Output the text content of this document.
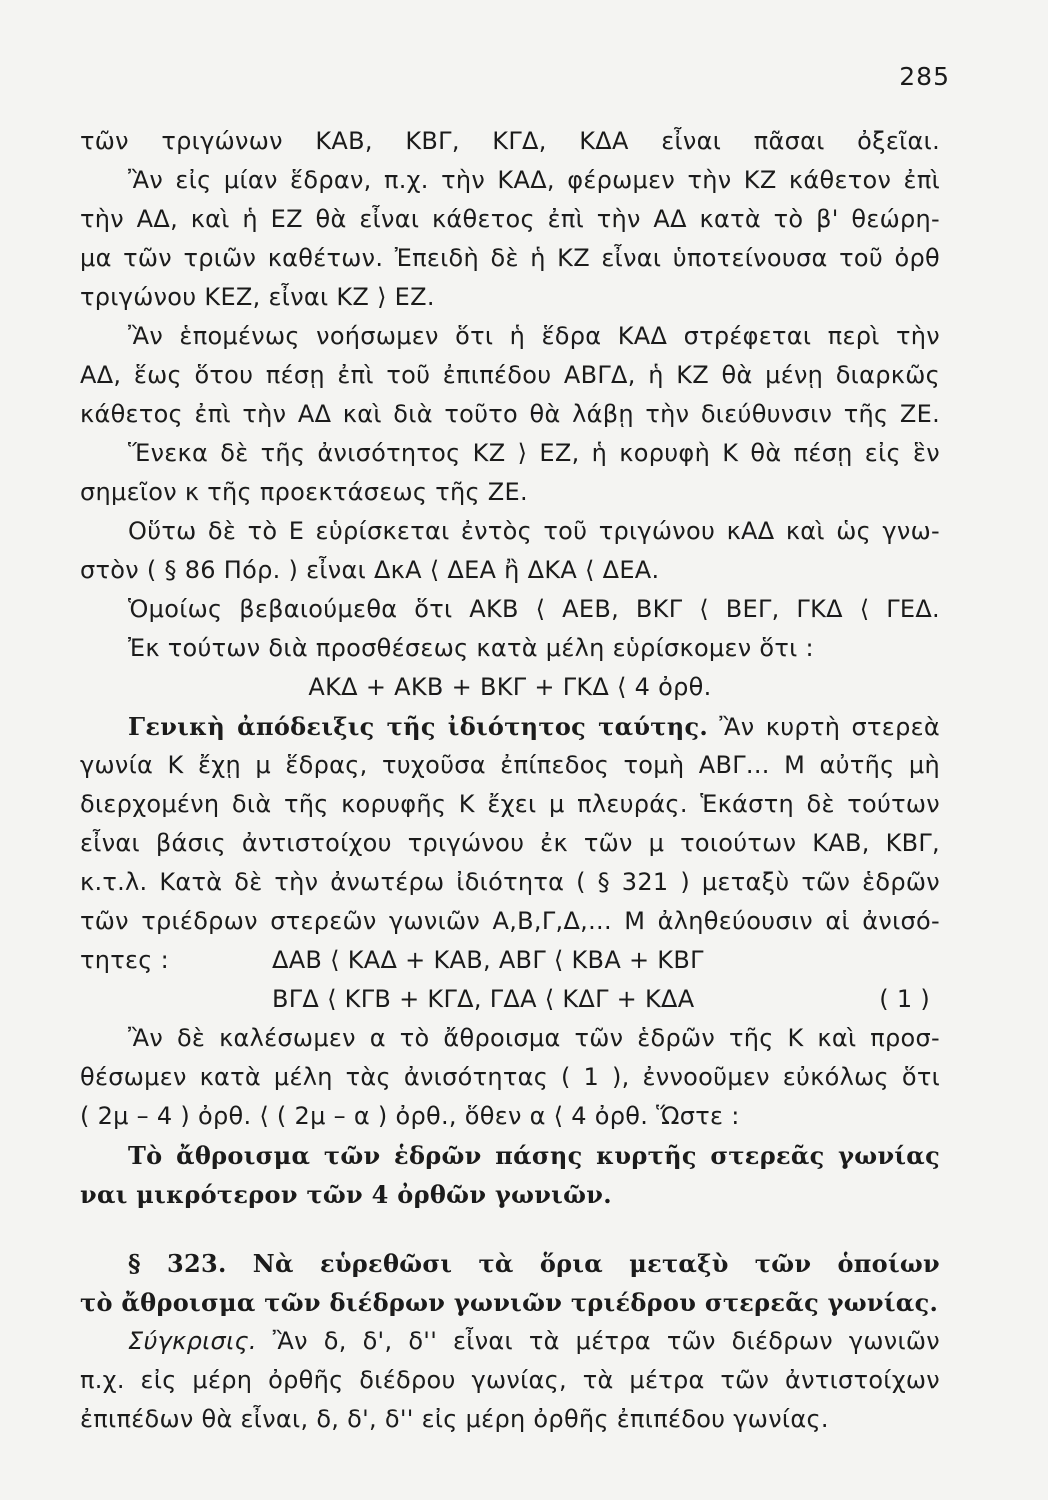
285
τῶν τριγώνων ΚΑΒ, ΚΒΓ, ΚΓΔ, ΚΔΑ εἶναι πᾶσαι ὀξεῖαι.
Ἂν εἰς μίαν ἕδραν, π.χ. τὴν ΚΑΔ, φέρωμεν τὴν ΚΖ κάθετον ἐπὶ
τὴν ΑΔ, καὶ ἡ ΕΖ θὰ εἶναι κάθετος ἐπὶ τὴν ΑΔ κατὰ τὸ β' θεώρη-
μα τῶν τριῶν καθέτων. Ἐπειδὴ δὲ ἡ ΚΖ εἶναι ὑποτείνουσα τοῦ ὀρθ
τριγώνου ΚΕΖ, εἶναι ΚΖ ⟩ ΕΖ.
Ἂν ἑπομένως νοήσωμεν ὅτι ἡ ἕδρα ΚΑΔ στρέφεται περὶ τὴν
ΑΔ, ἕως ὅτου πέσῃ ἐπὶ τοῦ ἐπιπέδου ΑΒΓΔ, ἡ ΚΖ θὰ μένῃ διαρκῶς
κάθετος ἐπὶ τὴν ΑΔ καὶ διὰ τοῦτο θὰ λάβῃ τὴν διεύθυνσιν τῆς ΖΕ.
Ἕνεκα δὲ τῆς ἀνισότητος ΚΖ ⟩ ΕΖ, ἡ κορυφὴ Κ θὰ πέσῃ εἰς ἓν
σημεῖον κ τῆς προεκτάσεως τῆς ΖΕ.
Οὕτω δὲ τὸ Ε εὑρίσκεται ἐντὸς τοῦ τριγώνου κΑΔ καὶ ὡς γνω-
στὸν ( § 86 Πόρ. ) εἶναι ΔκΑ ⟨ ΔΕΑ ἢ ΔΚΑ ⟨ ΔΕΑ.
Ὁμοίως βεβαιούμεθα ὅτι ΑΚΒ ⟨ ΑΕΒ, ΒΚΓ ⟨ ΒΕΓ, ΓΚΔ ⟨ ΓΕΔ.
Ἐκ τούτων διὰ προσθέσεως κατὰ μέλη εὑρίσκομεν ὅτι :
ΑΚΔ + ΑΚΒ + ΒΚΓ + ΓΚΔ ⟨ 4 ὀρθ.
Γενικὴ ἀπόδειξις τῆς ἰδιότητος ταύτης. Ἂν κυρτὴ στερεὰ
γωνία Κ ἔχῃ μ ἕδρας, τυχοῦσα ἐπίπεδος τομὴ ΑΒΓ... Μ αὐτῆς μὴ
διερχομένη διὰ τῆς κορυφῆς Κ ἔχει μ πλευράς. Ἑκάστη δὲ τούτων
εἶναι βάσις ἀντιστοίχου τριγώνου ἐκ τῶν μ τοιούτων ΚΑΒ, ΚΒΓ,
κ.τ.λ. Κατὰ δὲ τὴν ἀνωτέρω ἰδιότητα ( § 321 ) μεταξὺ τῶν ἑδρῶν
τῶν τριέδρων στερεῶν γωνιῶν Α,Β,Γ,Δ,... Μ ἀληθεύουσιν αἱ ἀνισό-
τητες :	ΔΑΒ ⟨ ΚΑΔ + ΚΑΒ, ΑΒΓ ⟨ ΚΒΑ + ΚΒΓ
ΒΓΔ ⟨ ΚΓΒ + ΚΓΔ, ΓΔΑ ⟨ ΚΔΓ + ΚΔΑ	( 1 )
Ἂν δὲ καλέσωμεν α τὸ ἄθροισμα τῶν ἑδρῶν τῆς Κ καὶ προσ-
θέσωμεν κατὰ μέλη τὰς ἀνισότητας ( 1 ), ἐννοοῦμεν εὐκόλως ὅτι
( 2μ – 4 ) ὀρθ. ⟨ ( 2μ – α ) ὀρθ., ὅθεν α ⟨ 4 ὀρθ. Ὥστε :
Τὸ ἄθροισμα τῶν ἑδρῶν πάσης κυρτῆς στερεᾶς γωνίας
ναι μικρότερον τῶν 4 ὀρθῶν γωνιῶν.
§ 323. Νὰ εὑρεθῶσι τὰ ὅρια μεταξὺ τῶν ὁποίων
τὸ ἄθροισμα τῶν διέδρων γωνιῶν τριέδρου στερεᾶς γωνίας.
Σύγκρισις. Ἂν δ, δ', δ'' εἶναι τὰ μέτρα τῶν διέδρων γωνιῶν
π.χ. εἰς μέρη ὀρθῆς διέδρου γωνίας, τὰ μέτρα τῶν ἀντιστοίχων
ἐπιπέδων θὰ εἶναι, δ, δ', δ'' εἰς μέρη ὀρθῆς ἐπιπέδου γωνίας.
